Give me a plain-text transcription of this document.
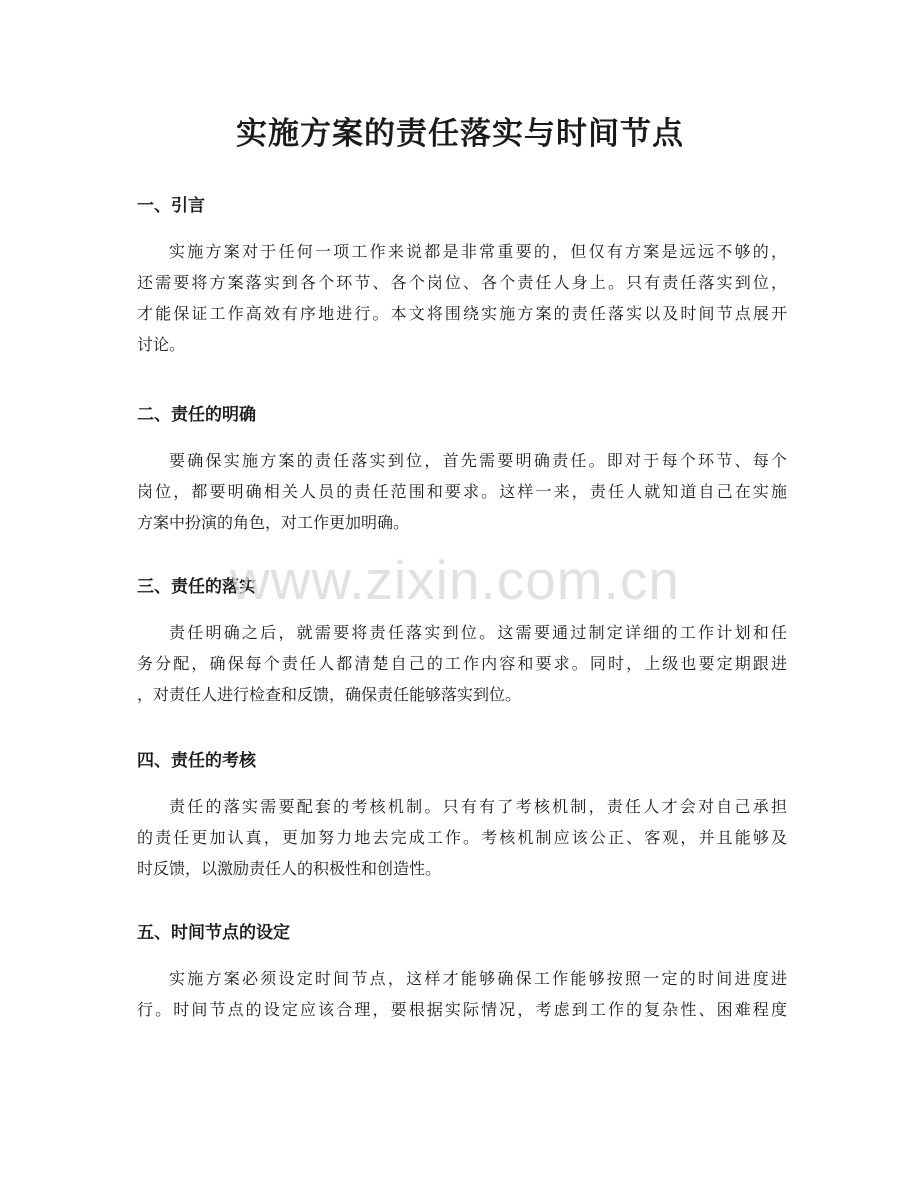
实施方案的责任落实与时间节点
一、引言
实施方案对于任何一项工作来说都是非常重要的，但仅有方案是远远不够的，
还需要将方案落实到各个环节、各个岗位、各个责任人身上。只有责任落实到位，
才能保证工作高效有序地进行。本文将围绕实施方案的责任落实以及时间节点展开
讨论。
二、责任的明确
要确保实施方案的责任落实到位，首先需要明确责任。即对于每个环节、每个
岗位，都要明确相关人员的责任范围和要求。这样一来，责任人就知道自己在实施
方案中扮演的角色，对工作更加明确。
三、责任的落实
责任明确之后，就需要将责任落实到位。这需要通过制定详细的工作计划和任
务分配，确保每个责任人都清楚自己的工作内容和要求。同时，上级也要定期跟进
，对责任人进行检查和反馈，确保责任能够落实到位。
四、责任的考核
责任的落实需要配套的考核机制。只有有了考核机制，责任人才会对自己承担
的责任更加认真，更加努力地去完成工作。考核机制应该公正、客观，并且能够及
时反馈，以激励责任人的积极性和创造性。
五、时间节点的设定
实施方案必须设定时间节点，这样才能够确保工作能够按照一定的时间进度进
行。时间节点的设定应该合理，要根据实际情况，考虑到工作的复杂性、困难程度
www.zixin.com.cn
